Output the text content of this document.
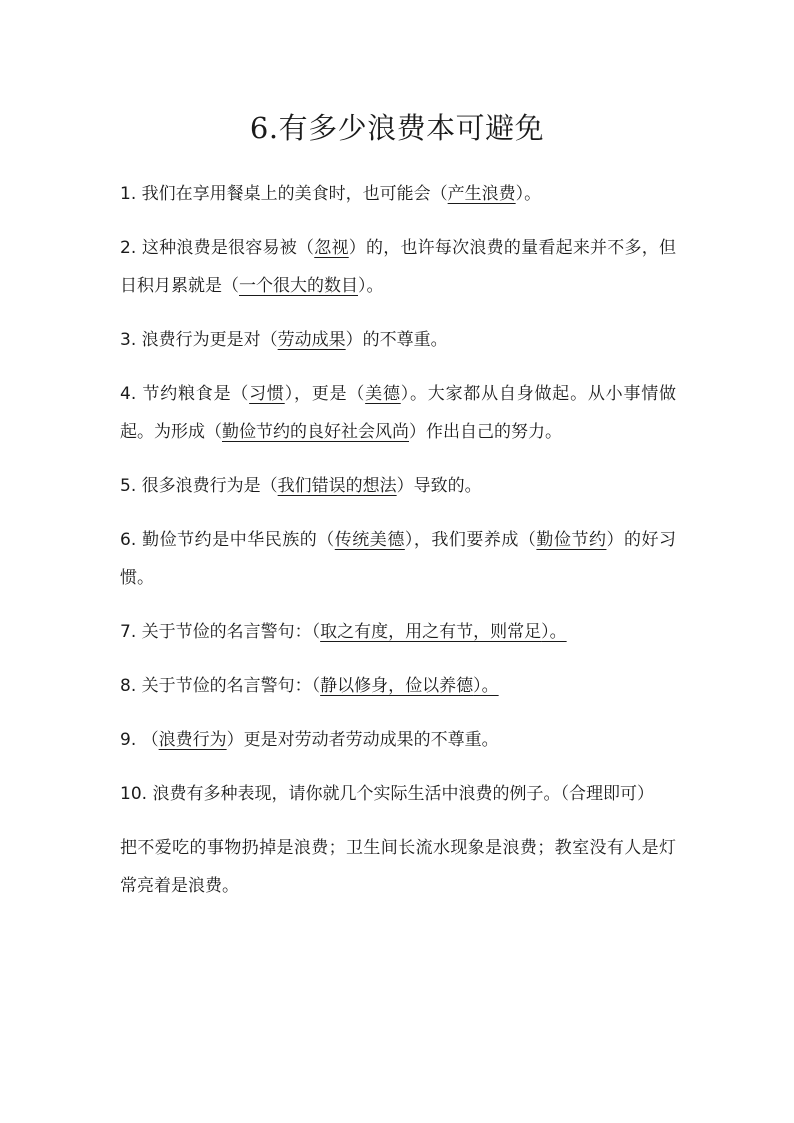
6.有多少浪费本可避免

1. 我们在享用餐桌上的美食时，也可能会（产生浪费）。

2. 这种浪费是很容易被（忽视）的，也许每次浪费的量看起来并不多，但日积月累就是（一个很大的数目）。

3. 浪费行为更是对（劳动成果）的不尊重。

4. 节约粮食是（习惯），更是（美德）。大家都从自身做起。从小事情做起。为形成（勤俭节约的良好社会风尚）作出自己的努力。

5. 很多浪费行为是（我们错误的想法）导致的。

6. 勤俭节约是中华民族的（传统美德），我们要养成（勤俭节约）的好习惯。

7. 关于节俭的名言警句：（取之有度，用之有节，则常足）。

8. 关于节俭的名言警句：（静以修身，俭以养德）。

9. （浪费行为）更是对劳动者劳动成果的不尊重。

10. 浪费有多种表现，请你就几个实际生活中浪费的例子。（合理即可）

把不爱吃的事物扔掉是浪费；卫生间长流水现象是浪费；教室没有人是灯常亮着是浪费。
